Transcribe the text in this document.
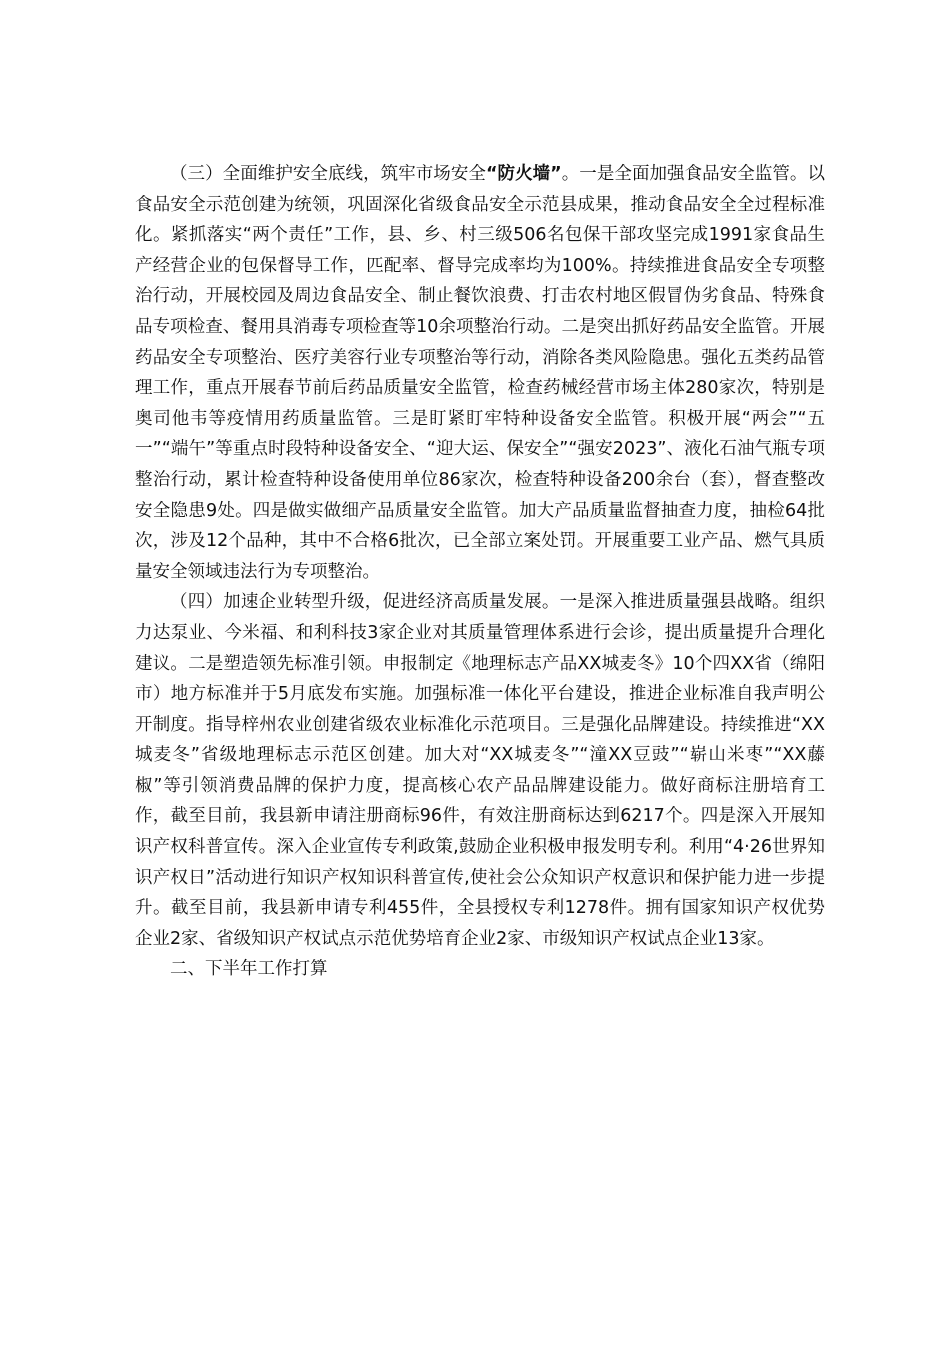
（三）全面维护安全底线，筑牢市场安全“防火墙”。一是全面加强食品安全监管。以食品安全示范创建为统领，巩固深化省级食品安全示范县成果，推动食品安全全过程标准化。紧抓落实“两个责任”工作，县、乡、村三级506名包保干部攻坚完成1991家食品生产经营企业的包保督导工作，匹配率、督导完成率均为100%。持续推进食品安全专项整治行动，开展校园及周边食品安全、制止餐饮浪费、打击农村地区假冒伪劣食品、特殊食品专项检查、餐用具消毒专项检查等10余项整治行动。二是突出抓好药品安全监管。开展药品安全专项整治、医疗美容行业专项整治等行动，消除各类风险隐患。强化五类药品管理工作，重点开展春节前后药品质量安全监管，检查药械经营市场主体280家次，特别是奥司他韦等疫情用药质量监管。三是盯紧盯牢特种设备安全监管。积极开展“两会”“五一”“端午”等重点时段特种设备安全、“迎大运、保安全”“强安2023”、液化石油气瓶专项整治行动，累计检查特种设备使用单位86家次，检查特种设备200余台（套），督查整改安全隐患9处。四是做实做细产品质量安全监管。加大产品质量监督抽查力度，抽检64批次，涉及12个品种，其中不合格6批次，已全部立案处罚。开展重要工业产品、燃气具质量安全领域违法行为专项整治。

（四）加速企业转型升级，促进经济高质量发展。一是深入推进质量强县战略。组织力达泵业、今米福、和利科技3家企业对其质量管理体系进行会诊，提出质量提升合理化建议。二是塑造领先标准引领。申报制定《地理标志产品XX城麦冬》10个四XX省（绵阳市）地方标准并于5月底发布实施。加强标准一体化平台建设，推进企业标准自我声明公开制度。指导梓州农业创建省级农业标准化示范项目。三是强化品牌建设。持续推进“XX城麦冬”省级地理标志示范区创建。加大对“XX城麦冬”“潼XX豆豉”“崭山米枣”“XX藤椒”等引领消费品牌的保护力度，提高核心农产品品牌建设能力。做好商标注册培育工作，截至目前，我县新申请注册商标96件，有效注册商标达到6217个。四是深入开展知识产权科普宣传。深入企业宣传专利政策,鼓励企业积极申报发明专利。利用“4·26世界知识产权日”活动进行知识产权知识科普宣传,使社会公众知识产权意识和保护能力进一步提升。截至目前，我县新申请专利455件，全县授权专利1278件。拥有国家知识产权优势企业2家、省级知识产权试点示范优势培育企业2家、市级知识产权试点企业13家。

二、下半年工作打算
